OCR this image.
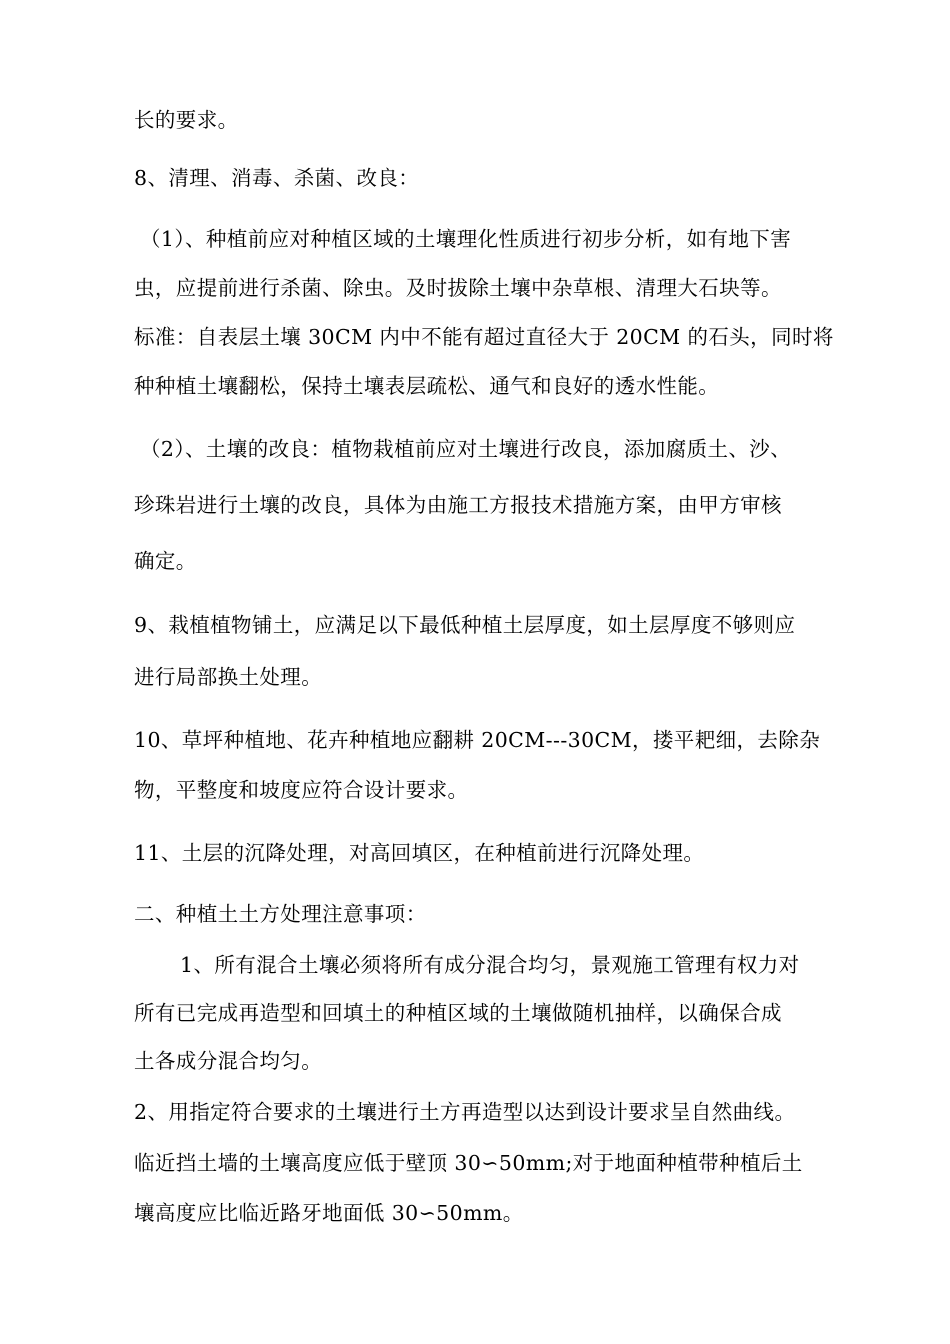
长的要求。
8、清理、消毒、杀菌、改良：
（1）、种植前应对种植区域的土壤理化性质进行初步分析，如有地下害
虫，应提前进行杀菌、除虫。及时拔除土壤中杂草根、清理大石块等。
标准：自表层土壤 30CM 内中不能有超过直径大于 20CM 的石头，同时将
种种植土壤翻松，保持土壤表层疏松、通气和良好的透水性能。
（2）、土壤的改良：植物栽植前应对土壤进行改良，添加腐质土、沙、
珍珠岩进行土壤的改良，具体为由施工方报技术措施方案，由甲方审核
确定。
9、栽植植物铺土，应满足以下最低种植土层厚度，如土层厚度不够则应
进行局部换土处理。
10、草坪种植地、花卉种植地应翻耕 20CM---30CM，搂平耙细，去除杂
物，平整度和坡度应符合设计要求。
11、土层的沉降处理，对高回填区，在种植前进行沉降处理。
二、种植土土方处理注意事项：
1、所有混合土壤必须将所有成分混合均匀，景观施工管理有权力对
所有已完成再造型和回填土的种植区域的土壤做随机抽样，以确保合成
土各成分混合均匀。
2、用指定符合要求的土壤进行土方再造型以达到设计要求呈自然曲线。
临近挡土墙的土壤高度应低于壁顶 30∽50mm;对于地面种植带种植后土
壤高度应比临近路牙地面低 30∽50mm。
